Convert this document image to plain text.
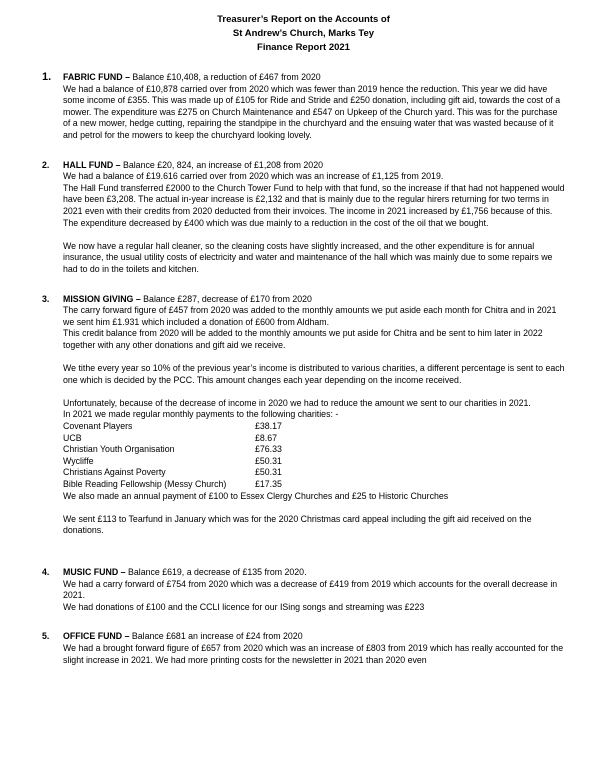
Treasurer’s Report on the Accounts of
St Andrew’s Church, Marks Tey
Finance Report 2021
1.	FABRIC FUND – Balance £10,408, a reduction of £467 from 2020
We had a balance of £10,878 carried over from 2020 which was fewer than 2019 hence the reduction. This year we did have some income of £355. This was made up of £105 for Ride and Stride and £250 donation, including gift aid, towards the cost of a mower. The expenditure was £275 on Church Maintenance and £547 on Upkeep of the Church yard. This was for the purchase of a new mower, hedge cutting, repairing the standpipe in the churchyard and the ensuing water that was wasted because of it and petrol for the mowers to keep the churchyard looking lovely.
2.	HALL FUND – Balance £20, 824, an increase of £1,208 from 2020
We had a balance of £19.616 carried over from 2020 which was an increase of £1,125 from 2019.
The Hall Fund transferred £2000 to the Church Tower Fund to help with that fund, so the increase if that had not happened would have been £3,208. The actual in-year increase is £2,132 and that is mainly due to the regular hirers returning for two terms in 2021 even with their credits from 2020 deducted from their invoices. The income in 2021 increased by £1,756 because of this. The expenditure decreased by £400 which was due mainly to a reduction in the cost of the oil that we bought.
We now have a regular hall cleaner, so the cleaning costs have slightly increased, and the other expenditure is for annual insurance, the usual utility costs of electricity and water and maintenance of the hall which was mainly due to some repairs we had to do in the toilets and kitchen.
3.	MISSION GIVING – Balance £287, decrease of £170 from 2020
The carry forward figure of £457 from 2020 was added to the monthly amounts we put aside each month for Chitra and in 2021 we sent him £1.931 which included a donation of £600 from Aldham.
This credit balance from 2020 will be added to the monthly amounts we put aside for Chitra and be sent to him later in 2022 together with any other donations and gift aid we receive.
We tithe every year so 10% of the previous year’s income is distributed to various charities, a different percentage is sent to each one which is decided by the PCC. This amount changes each year depending on the income received.
Unfortunately, because of the decrease of income in 2020 we had to reduce the amount we sent to our charities in 2021.
In 2021 we made regular monthly payments to the following charities: -
Covenant Players	£38.17
UCB	£8.67
Christian Youth Organisation	£76.33
Wycliffe	£50.31
Christians Against Poverty	£50.31
Bible Reading Fellowship (Messy Church)	£17.35
We also made an annual payment of £100 to Essex Clergy Churches and £25 to Historic Churches
We sent £113 to Tearfund in January which was for the 2020 Christmas card appeal including the gift aid received on the donations.
4.	MUSIC FUND – Balance £619, a decrease of £135 from 2020.
We had a carry forward of £754 from 2020 which was a decrease of £419 from 2019 which accounts for the overall decrease in 2021.
We had donations of £100 and the CCLI licence for our ISing songs and streaming was £223
5.	OFFICE FUND – Balance £681 an increase of £24 from 2020
We had a brought forward figure of £657 from 2020 which was an increase of £803 from 2019 which has really accounted for the slight increase in 2021. We had more printing costs for the newsletter in 2021 than 2020 even
